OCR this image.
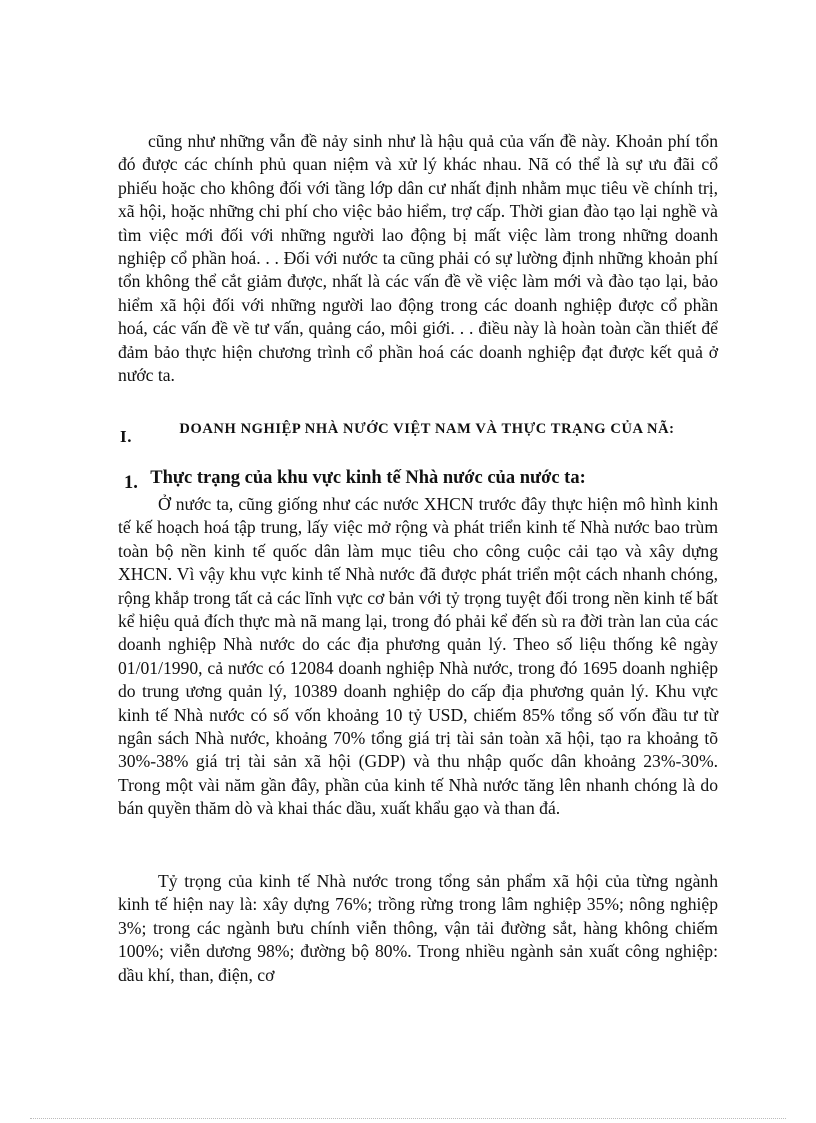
cũng như những vẫn đề nảy sinh như là hậu quả của vấn đề này. Khoản phí tổn đó được các chính phủ quan niệm và xử lý khác nhau. Nã có thể là sự ưu đãi cổ phiếu hoặc cho không đối với tầng lớp dân cư nhất định nhằm mục tiêu về chính trị, xã hội, hoặc những chi phí cho việc bảo hiểm, trợ cấp. Thời gian đào tạo lại nghề và tìm việc mới đối với những người lao động bị mất việc làm trong những doanh nghiệp cổ phần hoá. . . Đối với nước ta cũng phải có sự lường định những khoản phí tổn không thể cắt giảm được, nhất là các vấn đề về việc làm mới và đào tạo lại, bảo hiểm xã hội đối với những người lao động trong các doanh nghiệp được cổ phần hoá, các vấn đề về tư vấn, quảng cáo, môi giới. . . điều này là hoàn toàn cần thiết để đảm bảo thực hiện chương trình cổ phần hoá các doanh nghiệp đạt được kết quả ở nước ta.

I.	DOANH NGHIỆP NHÀ NƯỚC VIỆT NAM VÀ THỰC TRẠNG CỦA NÃ:
1. Thực trạng của khu vực kinh tế Nhà nước của nước ta:

Ở nước ta, cũng giống như các nước XHCN trước đây thực hiện mô hình kinh tế kế hoạch hoá tập trung, lấy việc mở rộng và phát triển kinh tế Nhà nước bao trùm toàn bộ nền kinh tế quốc dân làm mục tiêu cho công cuộc cải tạo và xây dựng XHCN. Vì vậy khu vực kinh tế Nhà nước đã được phát triển một cách nhanh chóng, rộng khắp trong tất cả các lĩnh vực cơ bản với tỷ trọng tuyệt đối trong nền kinh tế bất kể hiệu quả đích thực mà nã mang lại, trong đó phải kể đến sù ra đời tràn lan của các doanh nghiệp Nhà nước do các địa phương quản lý. Theo số liệu thống kê ngày 01/01/1990, cả nước có 12084 doanh nghiệp Nhà nước, trong đó 1695 doanh nghiệp do trung ương quản lý, 10389 doanh nghiệp do cấp địa phương quản lý. Khu vực kinh tế Nhà nước có số vốn khoảng 10 tỷ USD, chiếm 85% tổng số vốn đầu tư từ ngân sách Nhà nước, khoảng 70% tổng giá trị tài sản toàn xã hội, tạo ra khoảng tõ 30%-38% giá trị tài sản xã hội (GDP) và thu nhập quốc dân khoảng 23%-30%. Trong một vài năm gần đây, phần của kinh tế Nhà nước tăng lên nhanh chóng là do bán quyền thăm dò và khai thác dầu, xuất khẩu gạo và than đá.

Tỷ trọng của kinh tế Nhà nước trong tổng sản phẩm xã hội của từng ngành kinh tế hiện nay là: xây dựng 76%; trồng rừng trong lâm nghiệp 35%; nông nghiệp 3%; trong các ngành bưu chính viễn thông, vận tải đường sắt, hàng không chiếm 100%; viễn dương 98%; đường bộ 80%. Trong nhiều ngành sản xuất công nghiệp: dầu khí, than, điện, cơ
